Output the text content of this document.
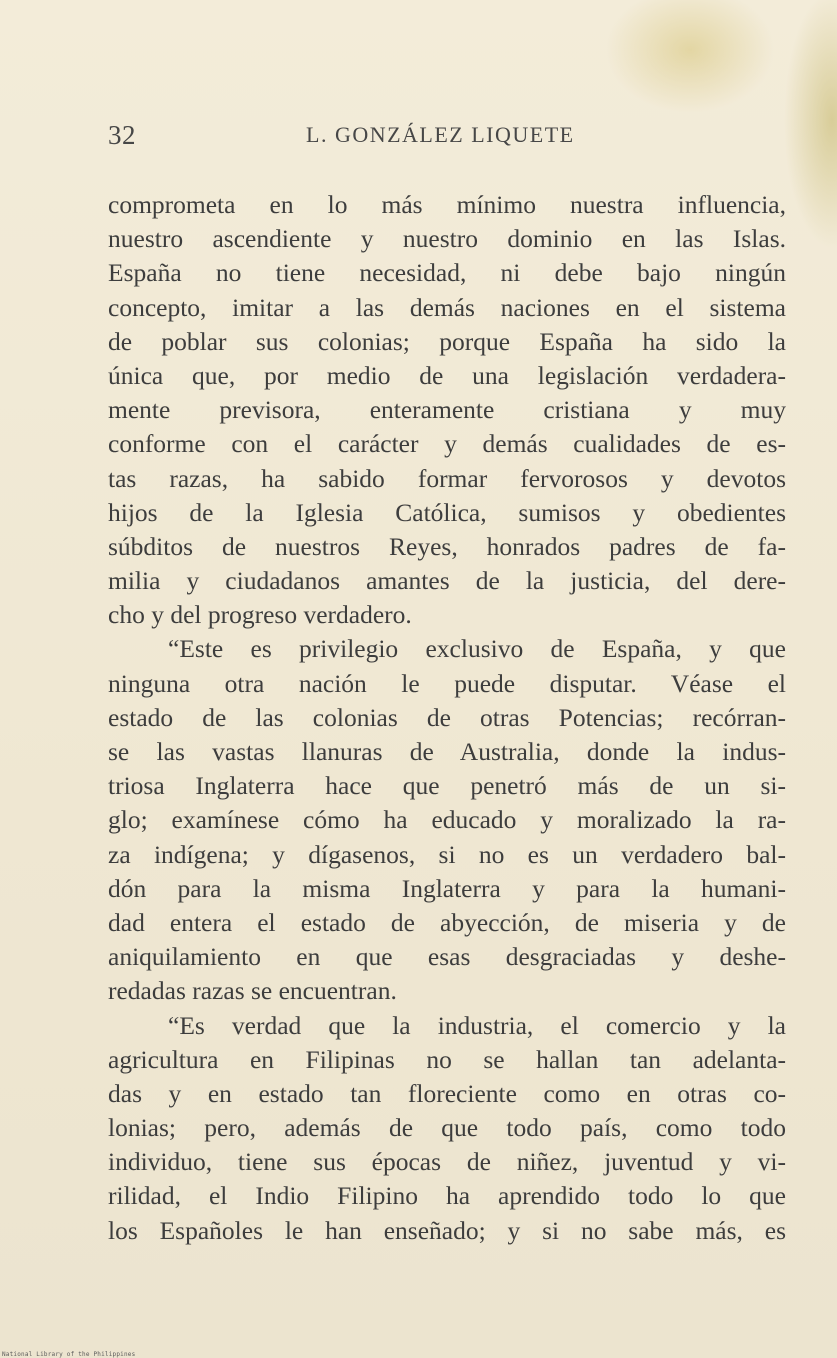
32	L. GONZÁLEZ LIQUETE
comprometa en lo más mínimo nuestra influencia,
nuestro ascendiente y nuestro dominio en las Islas.
España no tiene necesidad, ni debe bajo ningún
concepto, imitar a las demás naciones en el sistema
de poblar sus colonias; porque España ha sido la
única que, por medio de una legislación verdadera-
mente previsora, enteramente cristiana y muy
conforme con el carácter y demás cualidades de es-
tas razas, ha sabido formar fervorosos y devotos
hijos de la Iglesia Católica, sumisos y obedientes
súbditos de nuestros Reyes, honrados padres de fa-
milia y ciudadanos amantes de la justicia, del dere-
cho y del progreso verdadero.
“Este es privilegio exclusivo de España, y que
ninguna otra nación le puede disputar. Véase el
estado de las colonias de otras Potencias; recórran-
se las vastas llanuras de Australia, donde la indus-
triosa Inglaterra hace que penetró más de un si-
glo; examínese cómo ha educado y moralizado la ra-
za indígena; y dígasenos, si no es un verdadero bal-
dón para la misma Inglaterra y para la humani-
dad entera el estado de abyección, de miseria y de
aniquilamiento en que esas desgraciadas y deshe-
redadas razas se encuentran.
“Es verdad que la industria, el comercio y la
agricultura en Filipinas no se hallan tan adelanta-
das y en estado tan floreciente como en otras co-
lonias; pero, además de que todo país, como todo
individuo, tiene sus épocas de niñez, juventud y vi-
rilidad, el Indio Filipino ha aprendido todo lo que
los Españoles le han enseñado; y si no sabe más, es
National Library of the Philippines
